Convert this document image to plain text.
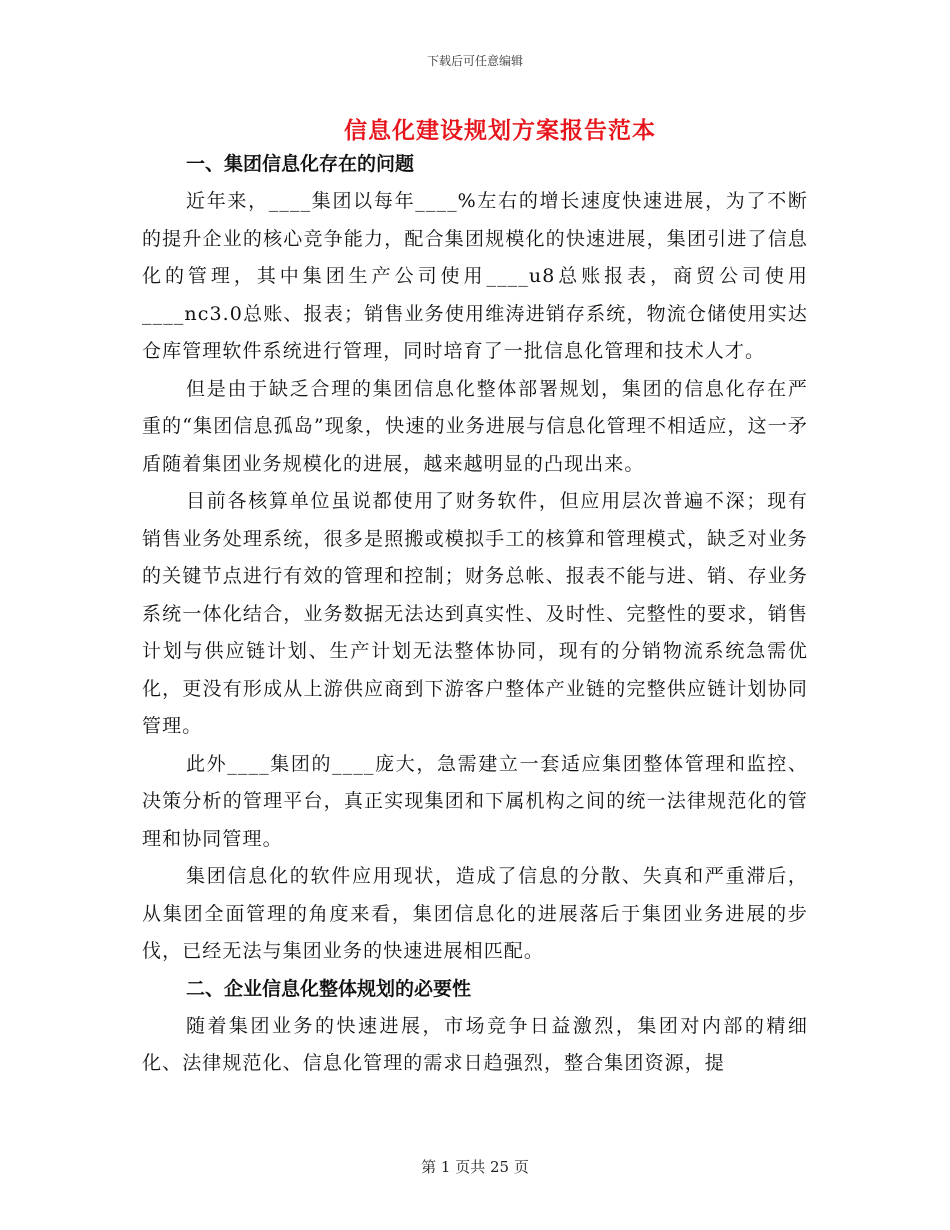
下载后可任意编辑
信息化建设规划方案报告范本

一、集团信息化存在的问题

近年来，____集团以每年____%左右的增长速度快速进展，为了不断的提升企业的核心竞争能力，配合集团规模化的快速进展，集团引进了信息化的管理，其中集团生产公司使用____u8总账报表，商贸公司使用____nc3.0总账、报表；销售业务使用维涛进销存系统，物流仓储使用实达仓库管理软件系统进行管理，同时培育了一批信息化管理和技术人才。

但是由于缺乏合理的集团信息化整体部署规划，集团的信息化存在严重的“集团信息孤岛”现象，快速的业务进展与信息化管理不相适应，这一矛盾随着集团业务规模化的进展，越来越明显的凸现出来。

目前各核算单位虽说都使用了财务软件，但应用层次普遍不深；现有销售业务处理系统，很多是照搬或模拟手工的核算和管理模式，缺乏对业务的关键节点进行有效的管理和控制；财务总帐、报表不能与进、销、存业务系统一体化结合，业务数据无法达到真实性、及时性、完整性的要求，销售计划与供应链计划、生产计划无法整体协同，现有的分销物流系统急需优化，更没有形成从上游供应商到下游客户整体产业链的完整供应链计划协同管理。

此外____集团的____庞大，急需建立一套适应集团整体管理和监控、决策分析的管理平台，真正实现集团和下属机构之间的统一法律规范化的管理和协同管理。

集团信息化的软件应用现状，造成了信息的分散、失真和严重滞后，从集团全面管理的角度来看，集团信息化的进展落后于集团业务进展的步伐，已经无法与集团业务的快速进展相匹配。

二、企业信息化整体规划的必要性

随着集团业务的快速进展，市场竞争日益激烈，集团对内部的精细化、法律规范化、信息化管理的需求日趋强烈，整合集团资源，提

第 1 页共 25 页
